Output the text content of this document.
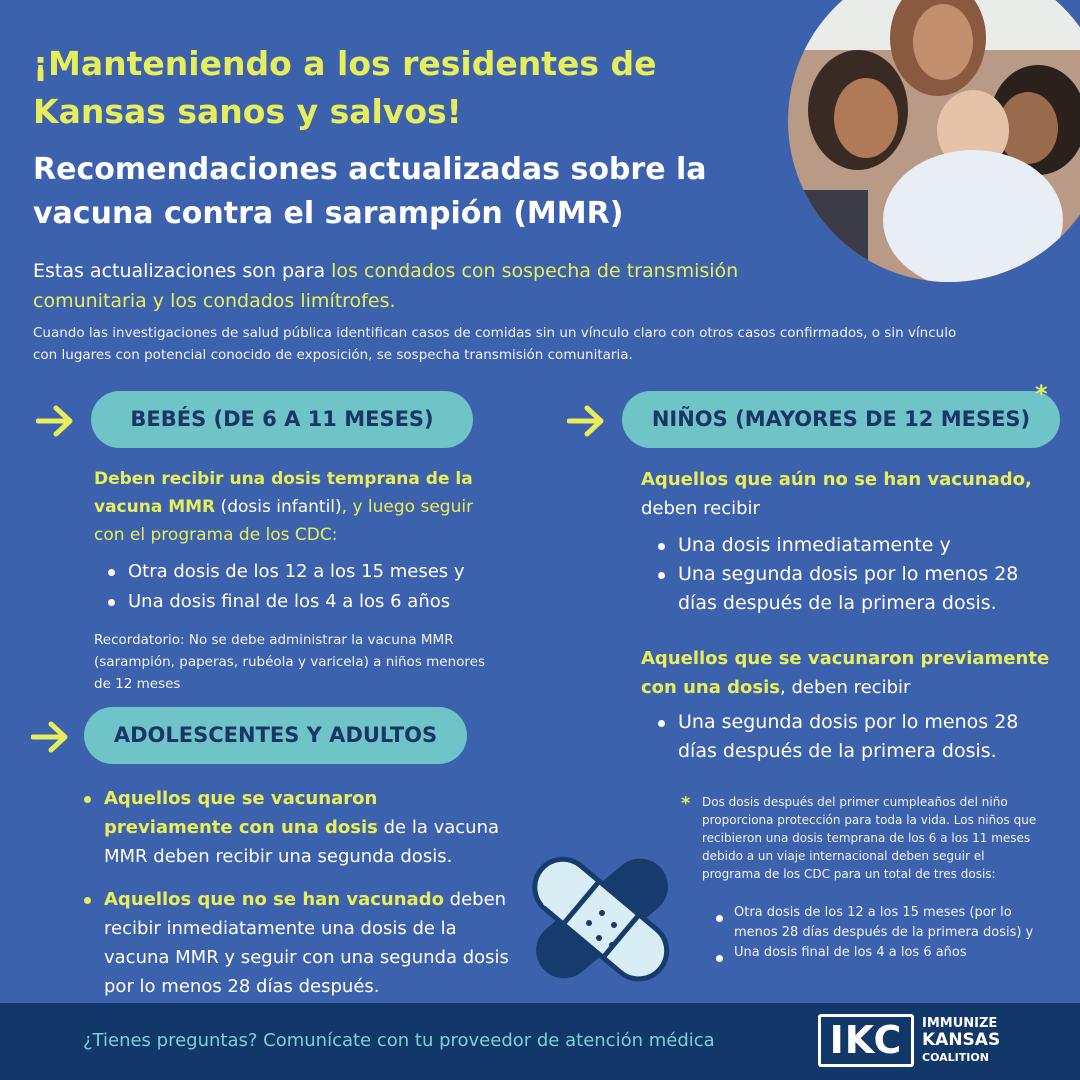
¡Manteniendo a los residentes de Kansas sanos y salvos!
Recomendaciones actualizadas sobre la vacuna contra el sarampión (MMR)
Estas actualizaciones son para los condados con sospecha de transmisión comunitaria y los condados limítrofes.
Cuando las investigaciones de salud pública identifican casos de comidas sin un vínculo claro con otros casos confirmados, o sin vínculo con lugares con potencial conocido de exposición, se sospecha transmisión comunitaria.
BEBÉS (DE 6 A 11 MESES)
Deben recibir una dosis temprana de la vacuna MMR (dosis infantil), y luego seguir con el programa de los CDC:
Otra dosis de los 12 a los 15 meses y
Una dosis final de los 4 a los 6 años
Recordatorio: No se debe administrar la vacuna MMR (sarampión, paperas, rubéola y varicela) a niños menores de 12 meses
ADOLESCENTES Y ADULTOS
Aquellos que se vacunaron previamente con una dosis de la vacuna MMR deben recibir una segunda dosis.
Aquellos que no se han vacunado deben recibir inmediatamente una dosis de la vacuna MMR y seguir con una segunda dosis por lo menos 28 días después.
NIÑOS (MAYORES DE 12 MESES)
*
Aquellos que aún no se han vacunado, deben recibir
Una dosis inmediatamente y
Una segunda dosis por lo menos 28 días después de la primera dosis.
Aquellos que se vacunaron previamente con una dosis, deben recibir
Una segunda dosis por lo menos 28 días después de la primera dosis.
* Dos dosis después del primer cumpleaños del niño proporciona protección para toda la vida. Los niños que recibieron una dosis temprana de los 6 a los 11 meses debido a un viaje internacional deben seguir el programa de los CDC para un total de tres dosis:
Otra dosis de los 12 a los 15 meses (por lo menos 28 días después de la primera dosis) y
Una dosis final de los 4 a los 6 años
¿Tienes preguntas? Comunícate con tu proveedor de atención médica	IKC	IMMUNIZE
KANSAS
COALITION
